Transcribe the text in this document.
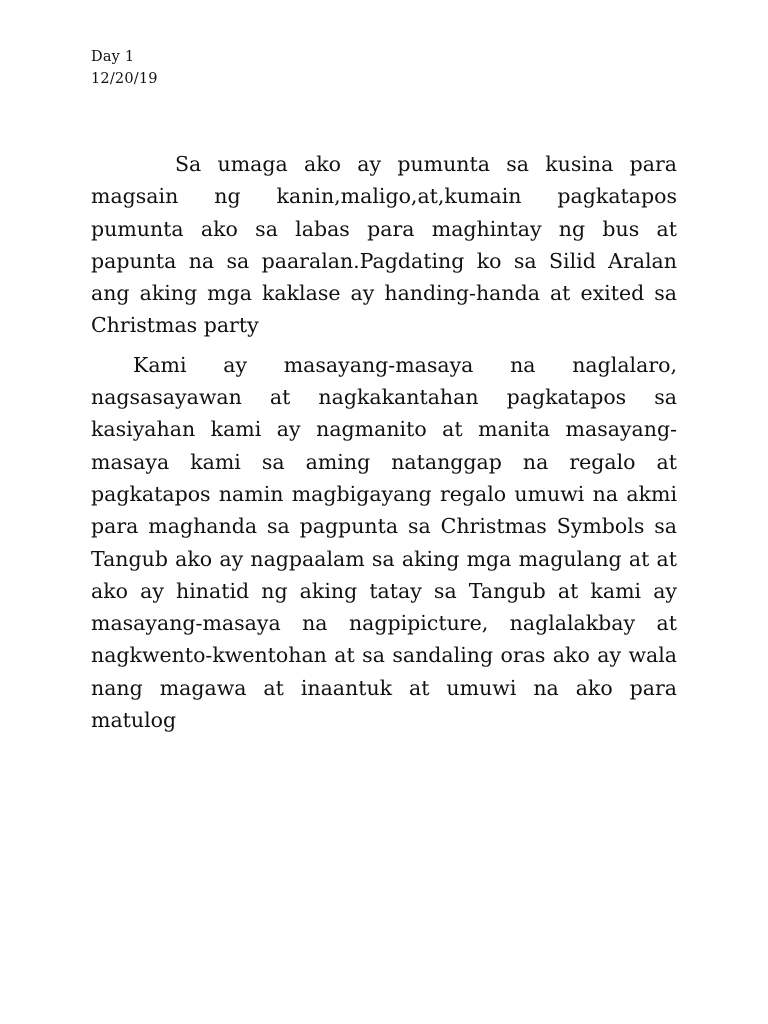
Day 1
12/20/19

Sa umaga ako ay pumunta sa kusina para magsain ng kanin,maligo,at,kumain pagkatapos pumunta ako sa labas para maghintay ng bus at papunta na sa paaralan.Pagdating ko sa Silid Aralan ang aking mga kaklase ay handing-handa at exited sa Christmas party

Kami ay masayang-masaya na naglalaro, nagsasayawan at nagkakantahan pagkatapos sa kasiyahan kami ay nagmanito at manita masayang-masaya kami sa aming natanggap na regalo at pagkatapos namin magbigayang regalo umuwi na akmi para maghanda sa pagpunta sa Christmas Symbols sa Tangub ako ay nagpaalam sa aking mga magulang at at ako ay hinatid ng aking tatay sa Tangub at kami ay masayang-masaya na nagpipicture, naglalakbay at nagkwento-kwentohan at sa sandaling oras ako ay wala nang magawa at inaantuk at umuwi na ako para matulog
